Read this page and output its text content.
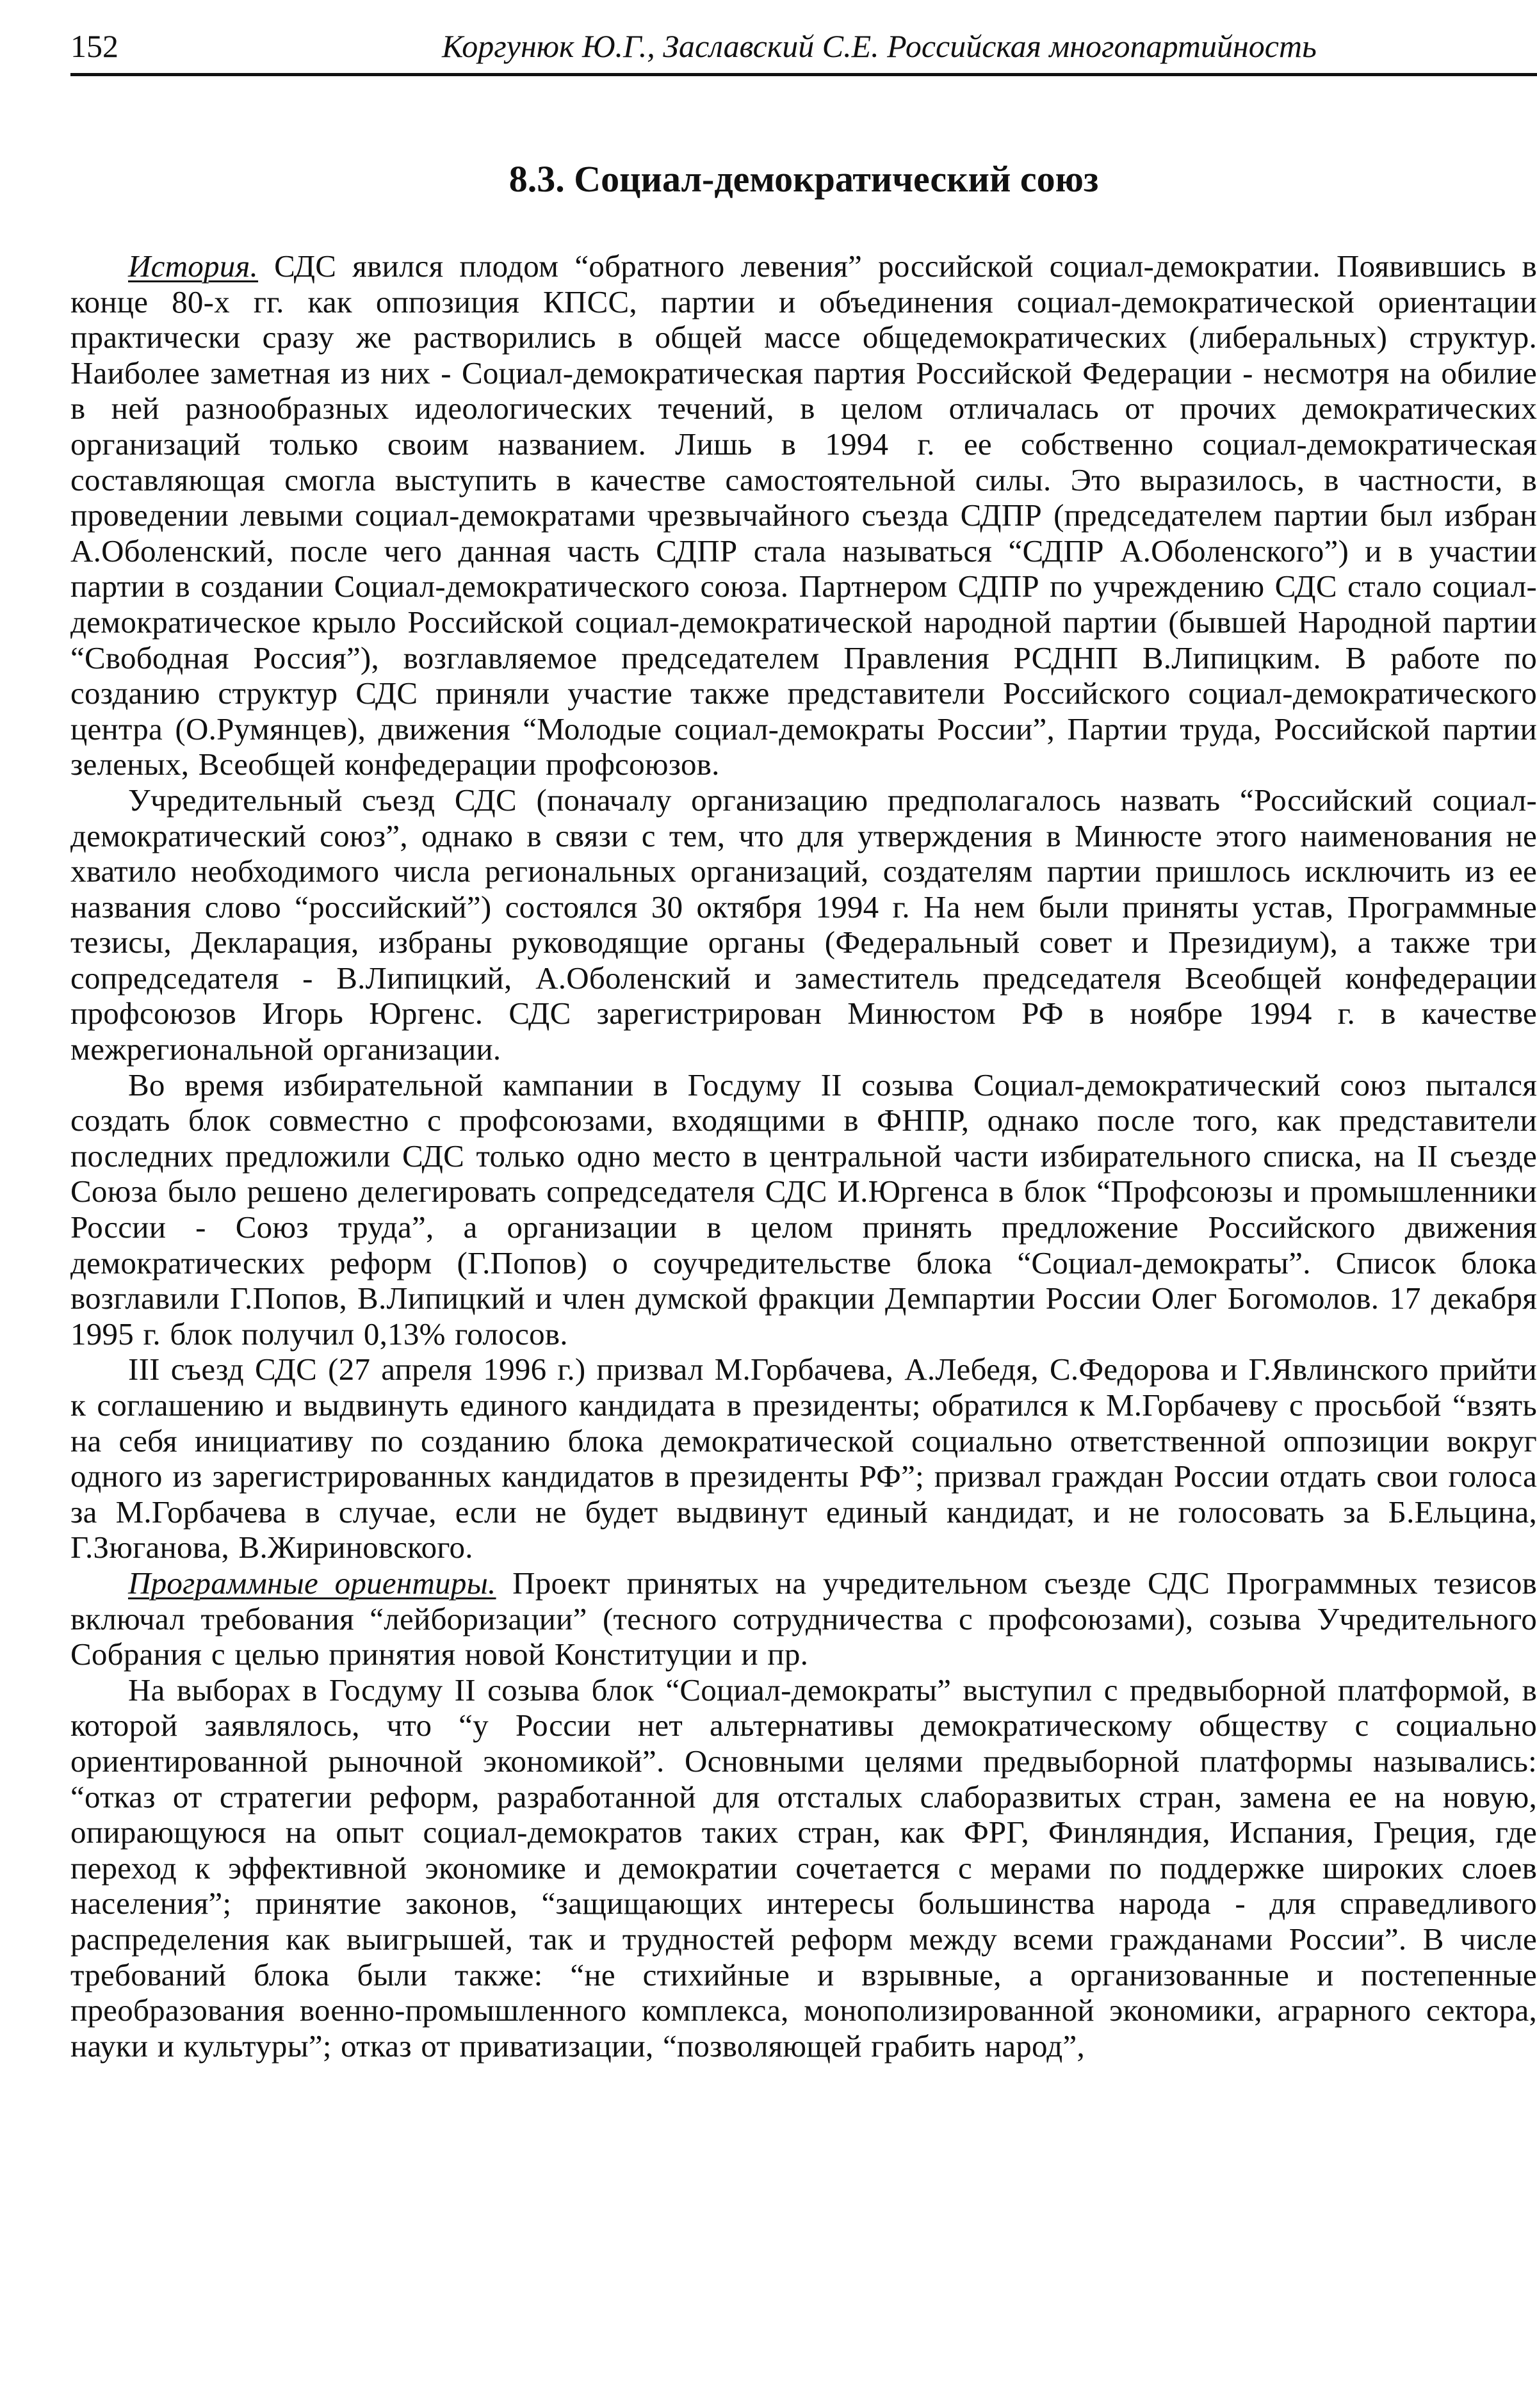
152	Коргунюк Ю.Г., Заславский С.Е. Российская многопартийность
8.3. Социал-демократический союз

История. СДС явился плодом “обратного левения” российской социал-демократии. Появившись в конце 80-х гг. как оппозиция КПСС, партии и объединения социал-демократической ориентации практически сразу же растворились в общей массе общедемократических (либеральных) структур. Наиболее заметная из них - Социал-демократическая партия Российской Федерации - несмотря на обилие в ней разнообразных идеологических течений, в целом отличалась от прочих демократических организаций только своим названием. Лишь в 1994 г. ее собственно социал-демократическая составляющая смогла выступить в качестве самостоятельной силы. Это выразилось, в частности, в проведении левыми социал-демократами чрезвычайного съезда СДПР (председателем партии был избран А.Оболенский, после чего данная часть СДПР стала называться “СДПР А.Оболенского”) и в участии партии в создании Социал-демократического союза. Партнером СДПР по учреждению СДС стало социал-демократическое крыло Российской социал-демократической народной партии (бывшей Народной партии “Свободная Россия”), возглавляемое председателем Правления РСДНП В.Липицким. В работе по созданию структур СДС приняли участие также представители Российского социал-демократического центра (О.Румянцев), движения “Молодые социал-демократы России”, Партии труда, Российской партии зеленых, Всеобщей конфедерации профсоюзов.

Учредительный съезд СДС (поначалу организацию предполагалось назвать “Российский социал-демократический союз”, однако в связи с тем, что для утверждения в Минюсте этого наименования не хватило необходимого числа региональных организаций, создателям партии пришлось исключить из ее названия слово “российский”) состоялся 30 октября 1994 г. На нем были приняты устав, Программные тезисы, Декларация, избраны руководящие органы (Федеральный совет и Президиум), а также три сопредседателя - В.Липицкий, А.Оболенский и заместитель председателя Всеобщей конфедерации профсоюзов Игорь Юргенс. СДС зарегистрирован Минюстом РФ в ноябре 1994 г. в качестве межрегиональной организации.

Во время избирательной кампании в Госдуму II созыва Социал-демократический союз пытался создать блок совместно с профсоюзами, входящими в ФНПР, однако после того, как представители последних предложили СДС только одно место в центральной части избирательного списка, на II съезде Союза было решено делегировать сопредседателя СДС И.Юргенса в блок “Профсоюзы и промышленники России - Союз труда”, а организации в целом принять предложение Российского движения демократических реформ (Г.Попов) о соучредительстве блока “Социал-демократы”. Список блока возглавили Г.Попов, В.Липицкий и член думской фракции Демпартии России Олег Богомолов. 17 декабря 1995 г. блок получил 0,13% голосов.

III съезд СДС (27 апреля 1996 г.) призвал М.Горбачева, А.Лебедя, С.Федорова и Г.Явлинского прийти к соглашению и выдвинуть единого кандидата в президенты; обратился к М.Горбачеву с просьбой “взять на себя инициативу по созданию блока демократической социально ответственной оппозиции вокруг одного из зарегистрированных кандидатов в президенты РФ”; призвал граждан России отдать свои голоса за М.Горбачева в случае, если не будет выдвинут единый кандидат, и не голосовать за Б.Ельцина, Г.Зюганова, В.Жириновского.

Программные ориентиры. Проект принятых на учредительном съезде СДС Программных тезисов включал требования “лейборизации” (тесного сотрудничества с профсоюзами), созыва Учредительного Собрания с целью принятия новой Конституции и пр.

На выборах в Госдуму II созыва блок “Социал-демократы” выступил с предвыборной платформой, в которой заявлялось, что “у России нет альтернативы демократическому обществу с социально ориентированной рыночной экономикой”. Основными целями предвыборной платформы назывались: “отказ от стратегии реформ, разработанной для отсталых слаборазвитых стран, замена ее на новую, опирающуюся на опыт социал-демократов таких стран, как ФРГ, Финляндия, Испания, Греция, где переход к эффективной экономике и демократии сочетается с мерами по поддержке широких слоев населения”; принятие законов, “защищающих интересы большинства народа - для справедливого распределения как выигрышей, так и трудностей реформ между всеми гражданами России”. В числе требований блока были также: “не стихийные и взрывные, а организованные и постепенные преобразования военно-промышленного комплекса, монополизированной экономики, аграрного сектора, науки и культуры”; отказ от приватизации, “позволяющей грабить народ”,
